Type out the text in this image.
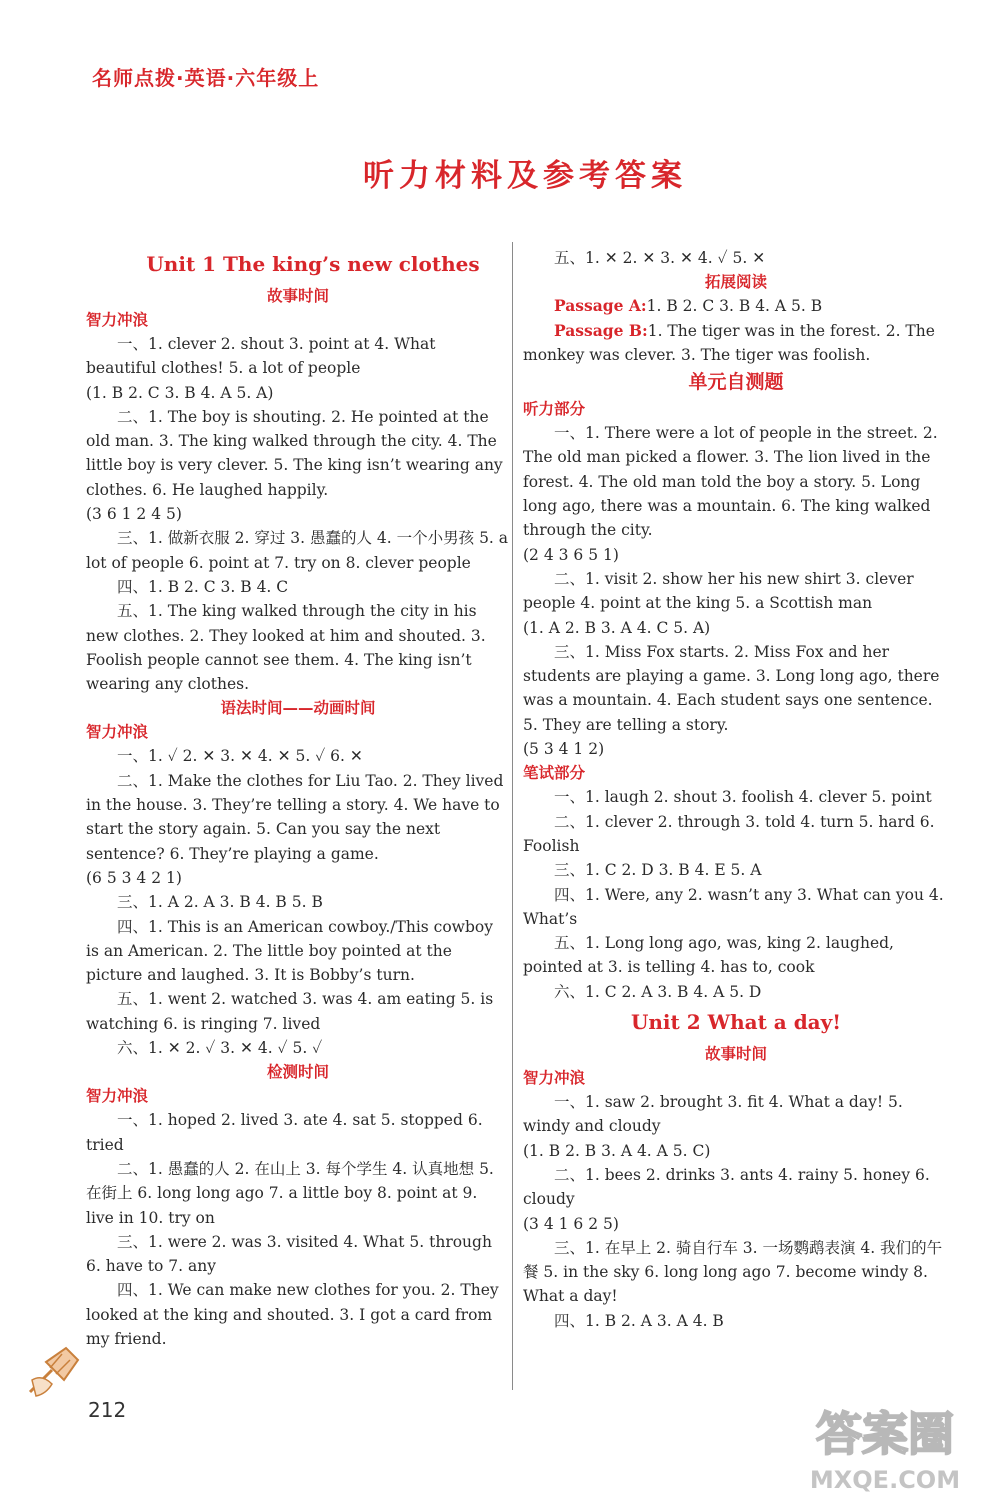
名师点拨·英语·六年级上
听力材料及参考答案

Unit 1 The king’s new clothes

故事时间

智力冲浪

一、1. clever 2. shout 3. point at 4. What beautiful clothes! 5. a lot of people

(1. B 2. C 3. B 4. A 5. A)

二、1. The boy is shouting. 2. He pointed at the old man. 3. The king walked through the city. 4. The little boy is very clever. 5. The king isn’t wearing any clothes. 6. He laughed happily.

(3 6 1 2 4 5)

三、1. 做新衣服 2. 穿过 3. 愚蠢的人 4. 一个小男孩 5. a lot of people 6. point at 7. try on 8. clever people

四、1. B 2. C 3. B 4. C

五、1. The king walked through the city in his new clothes. 2. They looked at him and shouted. 3. Foolish people cannot see them. 4. The king isn’t wearing any clothes.

语法时间——动画时间

智力冲浪

一、1. ✓ 2. ✕ 3. ✕ 4. ✕ 5. ✓ 6. ✕

二、1. Make the clothes for Liu Tao. 2. They lived in the house. 3. They’re telling a story. 4. We have to start the story again. 5. Can you say the next sentence? 6. They’re playing a game.

(6 5 3 4 2 1)

三、1. A 2. A 3. B 4. B 5. B

四、1. This is an American cowboy./This cowboy is an American. 2. The little boy pointed at the picture and laughed. 3. It is Bobby’s turn.

五、1. went 2. watched 3. was 4. am eating 5. is watching 6. is ringing 7. lived

六、1. ✕ 2. ✓ 3. ✕ 4. ✓ 5. ✓

检测时间

智力冲浪

一、1. hoped 2. lived 3. ate 4. sat 5. stopped 6. tried

二、1. 愚蠢的人 2. 在山上 3. 每个学生 4. 认真地想 5. 在街上 6. long long ago 7. a little boy 8. point at 9. live in 10. try on

三、1. were 2. was 3. visited 4. What 5. through 6. have to 7. any

四、1. We can make new clothes for you. 2. They looked at the king and shouted. 3. I got a card from my friend.

五、1. ✕ 2. ✕ 3. ✕ 4. ✓ 5. ✕

拓展阅读

Passage A:1. B 2. C 3. B 4. A 5. B

Passage B:1. The tiger was in the forest. 2. The monkey was clever. 3. The tiger was foolish.

单元自测题

听力部分

一、1. There were a lot of people in the street. 2. The old man picked a flower. 3. The lion lived in the forest. 4. The old man told the boy a story. 5. Long long ago, there was a mountain. 6. The king walked through the city.

(2 4 3 6 5 1)

二、1. visit 2. show her his new shirt 3. clever people 4. point at the king 5. a Scottish man

(1. A 2. B 3. A 4. C 5. A)

三、1. Miss Fox starts. 2. Miss Fox and her students are playing a game. 3. Long long ago, there was a mountain. 4. Each student says one sentence. 5. They are telling a story.

(5 3 4 1 2)

笔试部分

一、1. laugh 2. shout 3. foolish 4. clever 5. point

二、1. clever 2. through 3. told 4. turn 5. hard 6. Foolish

三、1. C 2. D 3. B 4. E 5. A

四、1. Were, any 2. wasn’t any 3. What can you 4. What’s

五、1. Long long ago, was, king 2. laughed, pointed at 3. is telling 4. has to, cook

六、1. C 2. A 3. B 4. A 5. D

Unit 2 What a day!

故事时间

智力冲浪

一、1. saw 2. brought 3. fit 4. What a day! 5. windy and cloudy

(1. B 2. B 3. A 4. A 5. C)

二、1. bees 2. drinks 3. ants 4. rainy 5. honey 6. cloudy

(3 4 1 6 2 5)

三、1. 在早上 2. 骑自行车 3. 一场鹦鹉表演 4. 我们的午餐 5. in the sky 6. long long ago 7. become windy 8. What a day!

四、1. B 2. A 3. A 4. B

212	答案圈
MXQE.COM
